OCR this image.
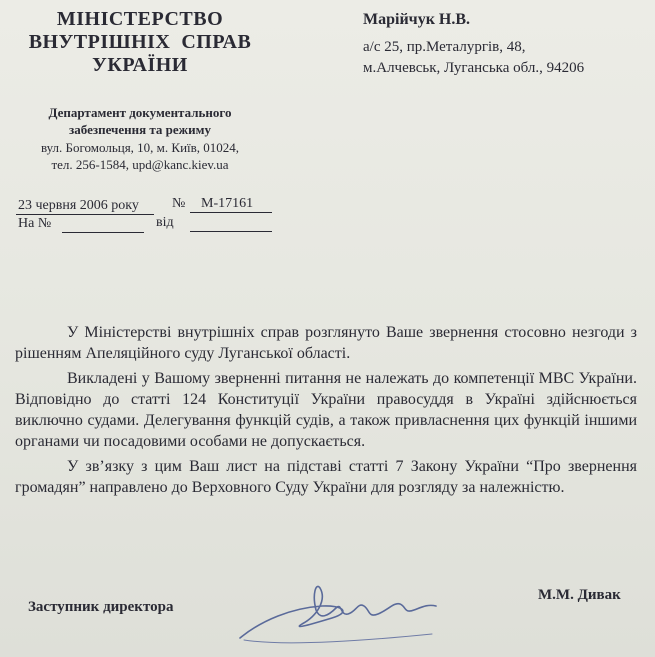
МІНІСТЕРСТВО
ВНУТРІШНІХ  СПРАВ
УКРАЇНИ
Департамент документального
забезпечення та режиму
вул. Богомольця, 10, м. Київ, 01024,
тел. 256-1584, upd@kanc.kiev.ua
Марійчук Н.В.
а/с 25, пр.Металургів, 48,
м.Алчевськ, Луганська обл., 94206
23 червня 2006 року № М-17161
На №	від

У Міністерстві внутрішніх справ розглянуто Ваше звернення стосовно незгоди з рішенням Апеляційного суду Луганської області.

Викладені у Вашому зверненні питання не належать до компетенції МВС України. Відповідно до статті 124 Конституції України правосуддя в Україні здійснюється виключно судами. Делегування функцій судів, а також привласнення цих функцій іншими органами чи посадовими особами не допускається.

У зв’язку з цим Ваш лист на підставі статті 7 Закону України “Про звернення громадян” направлено до Верховного Суду України для розгляду за належністю.

Заступник директора
М.М. Дивак
